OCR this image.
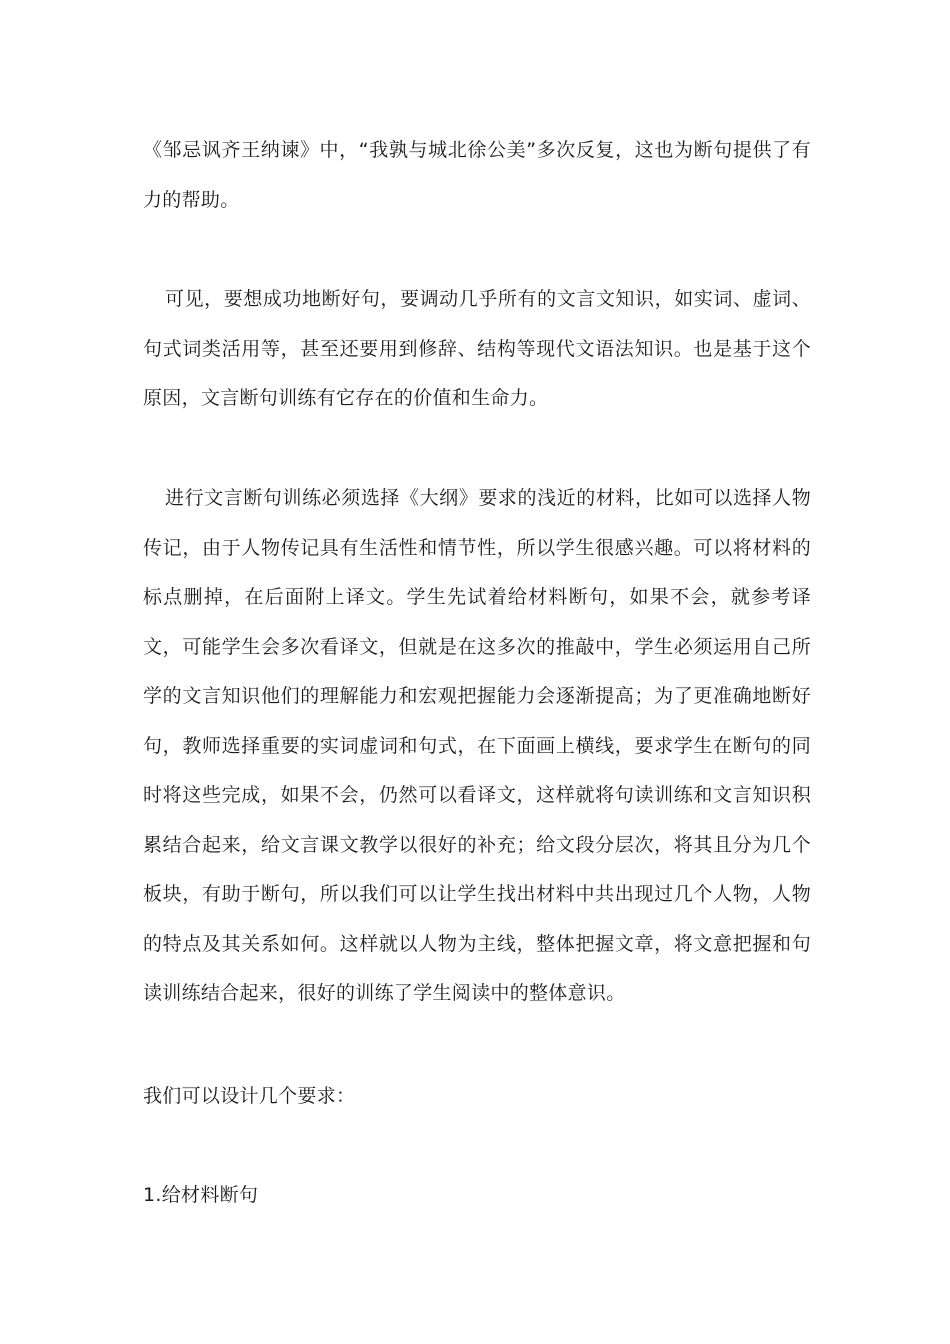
《邹忌讽齐王纳谏》中，“我孰与城北徐公美”多次反复，这也为断句提供了有力的帮助。

可见，要想成功地断好句，要调动几乎所有的文言文知识，如实词、虚词、句式词类活用等，甚至还要用到修辞、结构等现代文语法知识。也是基于这个原因，文言断句训练有它存在的价值和生命力。

进行文言断句训练必须选择《大纲》要求的浅近的材料，比如可以选择人物传记，由于人物传记具有生活性和情节性，所以学生很感兴趣。可以将材料的标点删掉，在后面附上译文。学生先试着给材料断句，如果不会，就参考译文，可能学生会多次看译文，但就是在这多次的推敲中，学生必须运用自己所学的文言知识他们的理解能力和宏观把握能力会逐渐提高；为了更准确地断好句，教师选择重要的实词虚词和句式，在下面画上横线，要求学生在断句的同时将这些完成，如果不会，仍然可以看译文，这样就将句读训练和文言知识积累结合起来，给文言课文教学以很好的补充；给文段分层次，将其且分为几个板块，有助于断句，所以我们可以让学生找出材料中共出现过几个人物，人物的特点及其关系如何。这样就以人物为主线，整体把握文章，将文意把握和句读训练结合起来，很好的训练了学生阅读中的整体意识。

我们可以设计几个要求：

1.给材料断句
